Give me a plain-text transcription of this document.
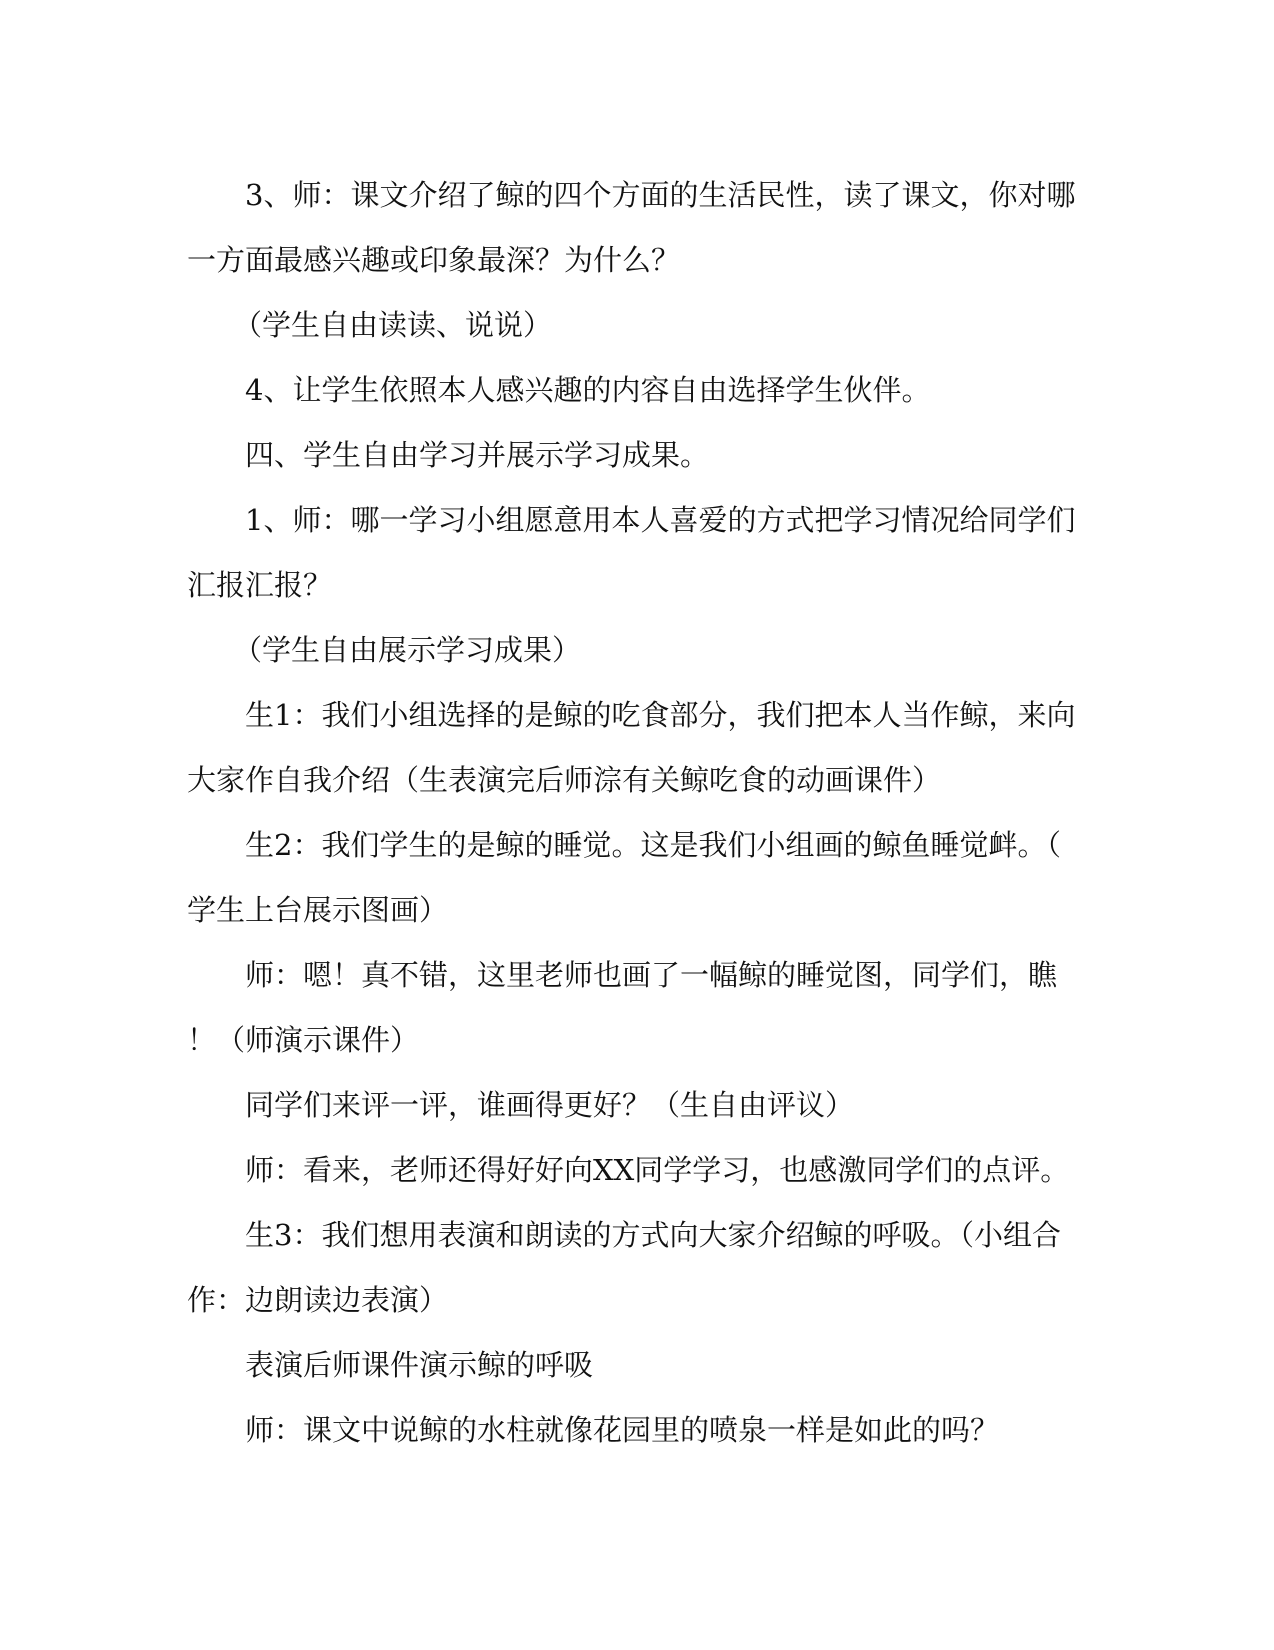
3、师：课文介绍了鲸的四个方面的生活民性，读了课文，你对哪
一方面最感兴趣或印象最深？为什么？
（学生自由读读、说说）
4、让学生依照本人感兴趣的内容自由选择学生伙伴。
四、学生自由学习并展示学习成果。
1、师：哪一学习小组愿意用本人喜爱的方式把学习情况给同学们
汇报汇报？
（学生自由展示学习成果）
生1：我们小组选择的是鲸的吃食部分，我们把本人当作鲸，来向
大家作自我介绍（生表演完后师淙有关鲸吃食的动画课件）
生2：我们学生的是鲸的睡觉。这是我们小组画的鲸鱼睡觉衅。（
学生上台展示图画）
师：嗯！真不错，这里老师也画了一幅鲸的睡觉图，同学们，瞧
！（师演示课件）
同学们来评一评，谁画得更好？（生自由评议）
师：看来，老师还得好好向XX同学学习，也感激同学们的点评。
生3：我们想用表演和朗读的方式向大家介绍鲸的呼吸。（小组合
作：边朗读边表演）
表演后师课件演示鲸的呼吸
师：课文中说鲸的水柱就像花园里的喷泉一样是如此的吗？
